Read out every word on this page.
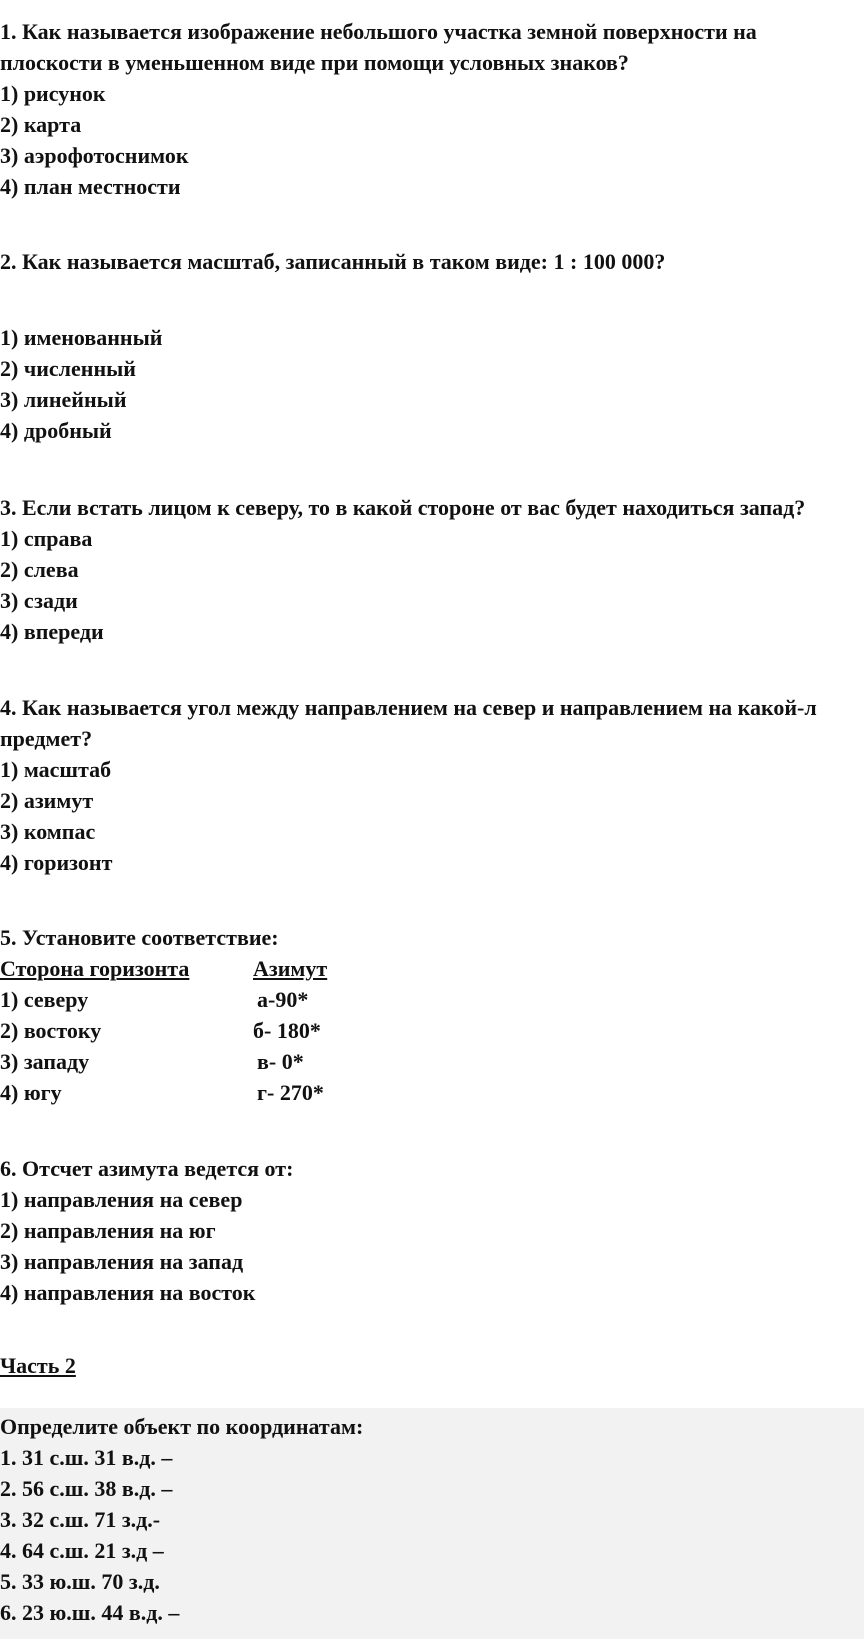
1. Как называется изображение небольшого участка земной поверхности на
плоскости в уменьшенном виде при помощи условных знаков?
1) рисунок
2) карта
3) аэрофотоснимок
4) план местности
2. Как называется масштаб, записанный в таком виде: 1 : 100 000?
1) именованный
2) численный
3) линейный
4) дробный
3. Если встать лицом к северу, то в какой стороне от вас будет находиться запад?
1) справа
2) слева
3) сзади
4) впереди
4. Как называется угол между направлением на север и направлением на какой-л
предмет?
1) масштаб
2) азимут
3) компас
4) горизонт
5. Установите соответствие:
Сторона горизонта	Азимут
1) северу	а-90*
2) востоку	б- 180*
3) западу	в- 0*
4) югу	г- 270*
6. Отсчет азимута ведется от:
1) направления на север
2) направления на юг
3) направления на запад
4) направления на восток
Часть 2
Определите объект по координатам:
1. 31 с.ш. 31 в.д. –
2. 56 с.ш. 38 в.д. –
3. 32 с.ш. 71 з.д.-
4. 64 с.ш. 21 з.д –
5. 33 ю.ш. 70 з.д.
6. 23 ю.ш. 44 в.д. –
